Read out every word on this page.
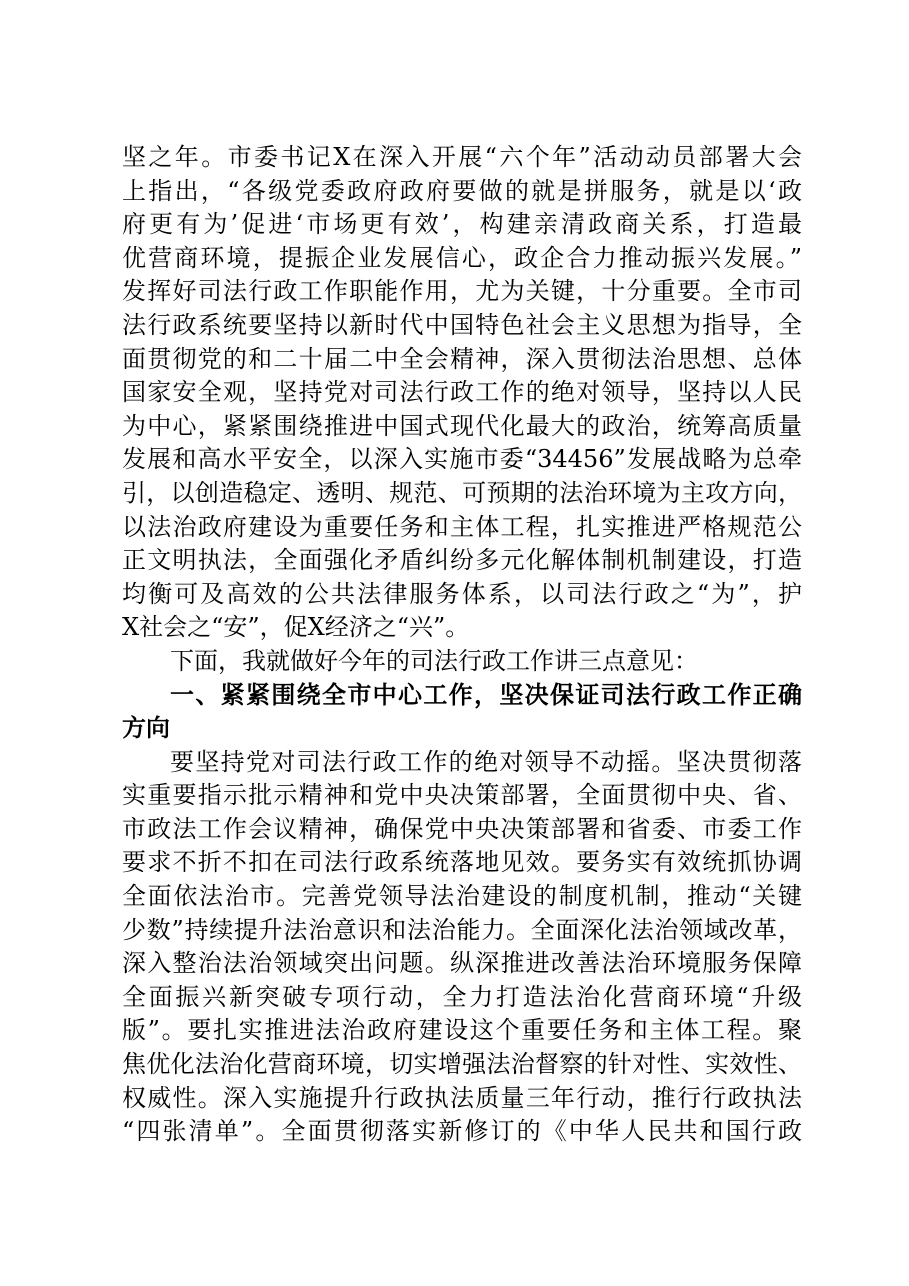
坚之年。市委书记X在深入开展“六个年”活动动员部署大会
上指出，“各级党委政府政府要做的就是拼服务，就是以‘政
府更有为’促进‘市场更有效’，构建亲清政商关系，打造最
优营商环境，提振企业发展信心，政企合力推动振兴发展。”
发挥好司法行政工作职能作用，尤为关键，十分重要。全市司
法行政系统要坚持以新时代中国特色社会主义思想为指导，全
面贯彻党的和二十届二中全会精神，深入贯彻法治思想、总体
国家安全观，坚持党对司法行政工作的绝对领导，坚持以人民
为中心，紧紧围绕推进中国式现代化最大的政治，统筹高质量
发展和高水平安全，以深入实施市委“34456”发展战略为总牵
引，以创造稳定、透明、规范、可预期的法治环境为主攻方向，
以法治政府建设为重要任务和主体工程，扎实推进严格规范公
正文明执法，全面强化矛盾纠纷多元化解体制机制建设，打造
均衡可及高效的公共法律服务体系，以司法行政之“为”，护
X社会之“安”，促X经济之“兴”。
下面，我就做好今年的司法行政工作讲三点意见：
一、紧紧围绕全市中心工作，坚决保证司法行政工作正确
方向
要坚持党对司法行政工作的绝对领导不动摇。坚决贯彻落
实重要指示批示精神和党中央决策部署，全面贯彻中央、省、
市政法工作会议精神，确保党中央决策部署和省委、市委工作
要求不折不扣在司法行政系统落地见效。要务实有效统抓协调
全面依法治市。完善党领导法治建设的制度机制，推动“关键
少数”持续提升法治意识和法治能力。全面深化法治领域改革，
深入整治法治领域突出问题。纵深推进改善法治环境服务保障
全面振兴新突破专项行动，全力打造法治化营商环境“升级
版”。要扎实推进法治政府建设这个重要任务和主体工程。聚
焦优化法治化营商环境，切实增强法治督察的针对性、实效性、
权威性。深入实施提升行政执法质量三年行动，推行行政执法
“四张清单”。全面贯彻落实新修订的《中华人民共和国行政
